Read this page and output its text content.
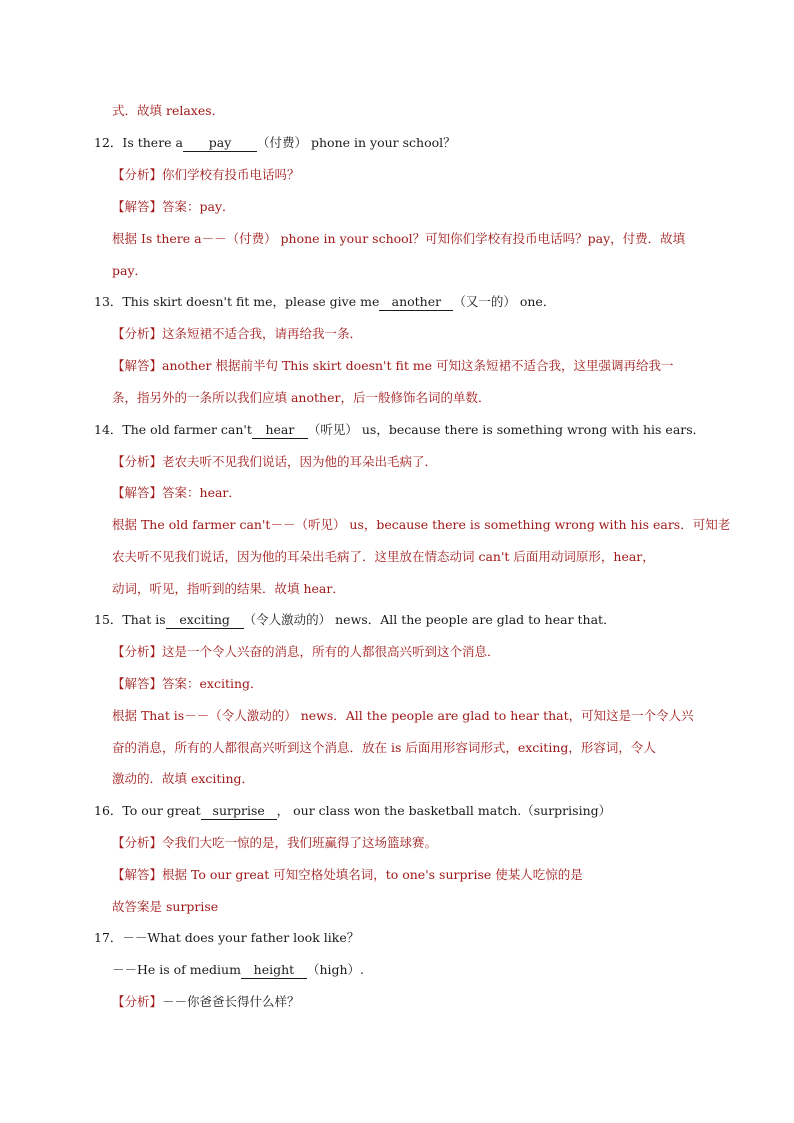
式．故填 relaxes．
12．Is there a pay （付费） phone in your school？
【分析】你们学校有投币电话吗？
【解答】答案：pay．
根据 Is there a－－（付费） phone in your school？可知你们学校有投币电话吗？pay，付费．故填
pay．
13．This skirt doesn't fit me，please give me another （又一的） one．
【分析】这条短裙不适合我，请再给我一条．
【解答】another 根据前半句 This skirt doesn't fit me 可知这条短裙不适合我，这里强调再给我一
条，指另外的一条所以我们应填 another，后一般修饰名词的单数．
14．The old farmer can't hear （听见） us，because there is something wrong with his ears．
【分析】老农夫听不见我们说话，因为他的耳朵出毛病了．
【解答】答案：hear．
根据 The old farmer can't－－（听见） us，because there is something wrong with his ears．可知老
农夫听不见我们说话，因为他的耳朵出毛病了．这里放在情态动词 can't 后面用动词原形，hear，
动词，听见，指听到的结果．故填 hear．
15．That is exciting （令人激动的） news．All the people are glad to hear that．
【分析】这是一个令人兴奋的消息，所有的人都很高兴听到这个消息．
【解答】答案：exciting．
根据 That is－－（令人激动的） news．All the people are glad to hear that，可知这是一个令人兴
奋的消息，所有的人都很高兴听到这个消息．放在 is 后面用形容词形式，exciting，形容词，令人
激动的．故填 exciting．
16．To our great surprise ， our class won the basketball match.（surprising）
【分析】令我们大吃一惊的是，我们班赢得了这场篮球赛。
【解答】根据 To our great 可知空格处填名词，to one's surprise 使某人吃惊的是
故答案是 surprise
17．－－What does your father look like？
－－He is of medium height （high）.
【分析】－－你爸爸长得什么样？
